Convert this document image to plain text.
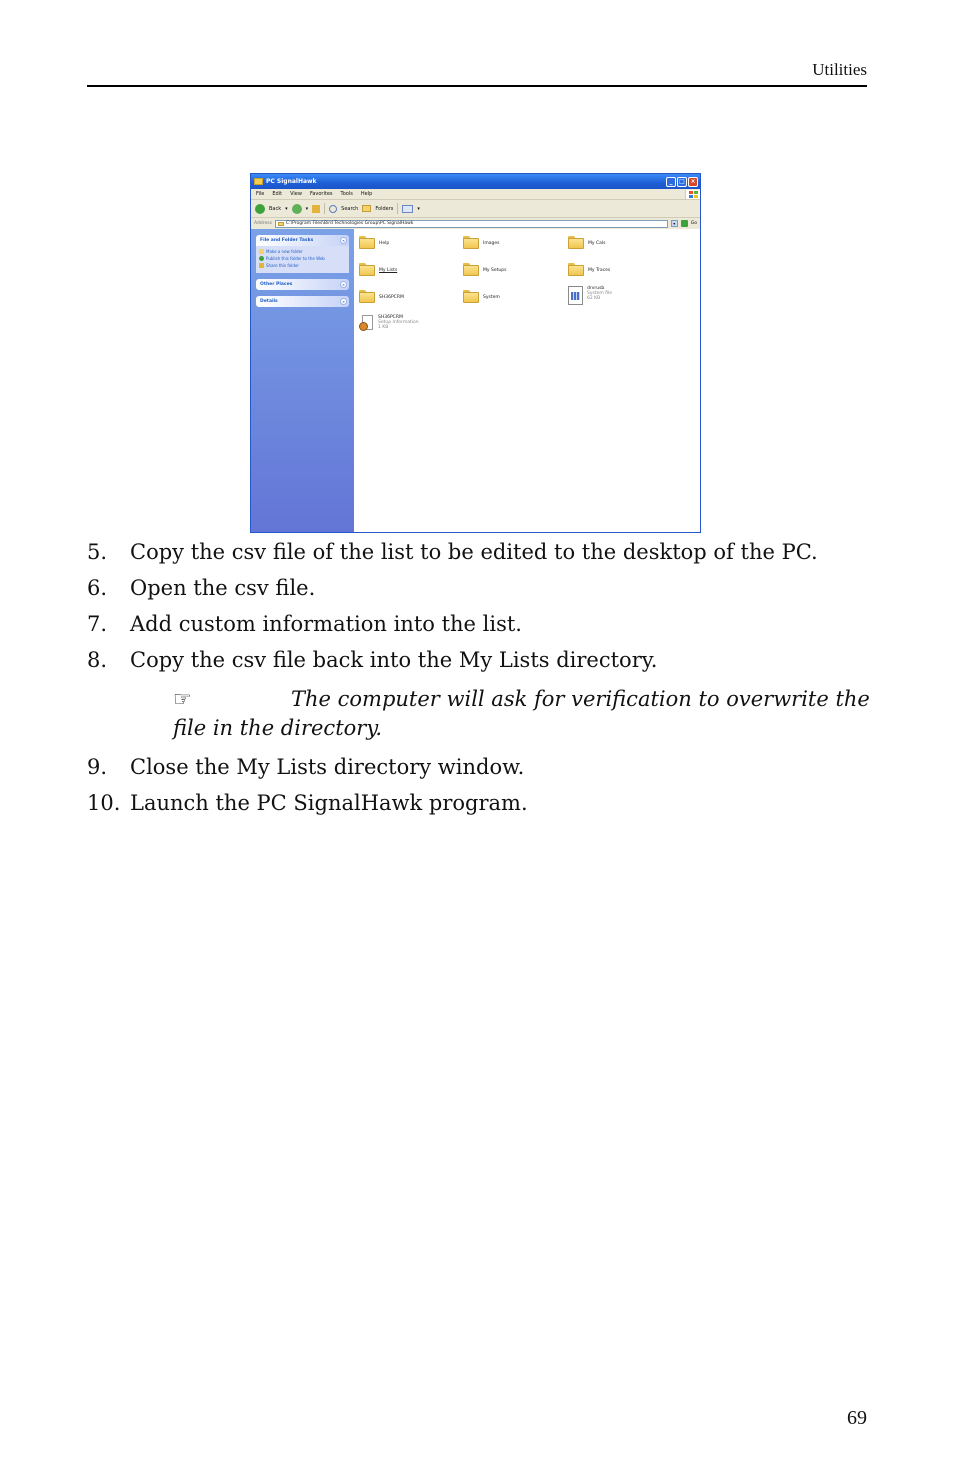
Utilities
PC SignalHawk	_	□ ×
File Edit View Favorites Tools Help
Back ▾	▾	Search	Folders	▾
Address	C:\Program Files\Bird Technologies Group\PC SignalHawk	▾	Go
File and Folder Tasks	«
Make a new folder
Publish this folder to the Web
Share this folder
Other Places	»
Details	»
Help	Images	My Cals
My Lists	My Setups	My Traces
SH36PCRM	System
drvrusb
System file
62 KB
SH36PCRM
Setup Information
1 KB
5. Copy the csv file of the list to be edited to the desktop of the PC.
6. Open the csv file.
7. Add custom information into the list.
8. Copy the csv file back into the My Lists directory.
☞	The computer will ask for verification to overwrite the file in the directory.
9. Close the My Lists directory window.
10. Launch the PC SignalHawk program.
69
